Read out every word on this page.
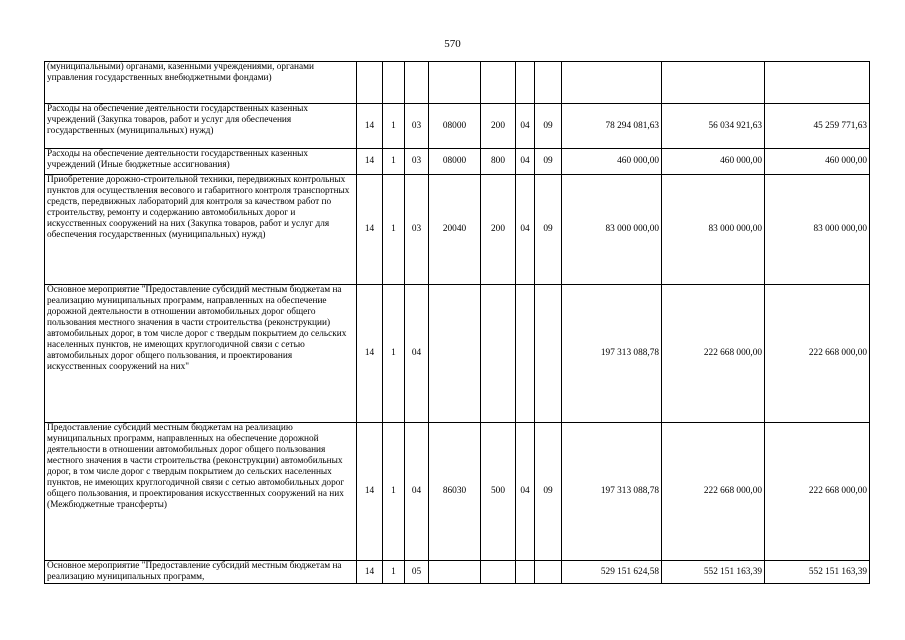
570
(муниципальными) органами, казенными учреждениями, органами управления государственных внебюджетными фондами)										
Расходы на обеспечение деятельности государственных казенных учреждений (Закупка товаров, работ и услуг для обеспечения государственных (муниципальных) нужд)	14	1	03	08000	200	04	09	78 294 081,63	56 034 921,63	45 259 771,63
Расходы на обеспечение деятельности государственных казенных учреждений (Иные бюджетные ассигнования)	14	1	03	08000	800	04	09	460 000,00	460 000,00	460 000,00
Приобретение дорожно-строительной техники, передвижных контрольных пунктов для осуществления весового и габаритного контроля транспортных средств, передвижных лабораторий для контроля за качеством работ по строительству, ремонту и содержанию автомобильных дорог и искусственных сооружений на них (Закупка товаров, работ и услуг для обеспечения государственных (муниципальных) нужд)	14	1	03	20040	200	04	09	83 000 000,00	83 000 000,00	83 000 000,00
Основное мероприятие "Предоставление субсидий местным бюджетам на реализацию муниципальных программ, направленных на обеспечение дорожной деятельности в отношении автомобильных дорог общего пользования местного значения в части строительства (реконструкции) автомобильных дорог, в том числе дорог с твердым покрытием до сельских населенных пунктов, не имеющих круглогодичной связи с сетью автомобильных дорог общего пользования, и проектирования искусственных сооружений на них"	14	1	04					197 313 088,78	222 668 000,00	222 668 000,00
Предоставление субсидий местным бюджетам на реализацию муниципальных программ, направленных на обеспечение дорожной деятельности в отношении автомобильных дорог общего пользования местного значения в части строительства (реконструкции) автомобильных дорог, в том числе дорог с твердым покрытием до сельских населенных пунктов, не имеющих круглогодичной связи с сетью автомобильных дорог общего пользования, и проектирования искусственных сооружений на них (Межбюджетные трансферты)	14	1	04	86030	500	04	09	197 313 088,78	222 668 000,00	222 668 000,00
Основное мероприятие "Предоставление субсидий местным бюджетам на реализацию муниципальных программ,	14	1	05					529 151 624,58	552 151 163,39	552 151 163,39
